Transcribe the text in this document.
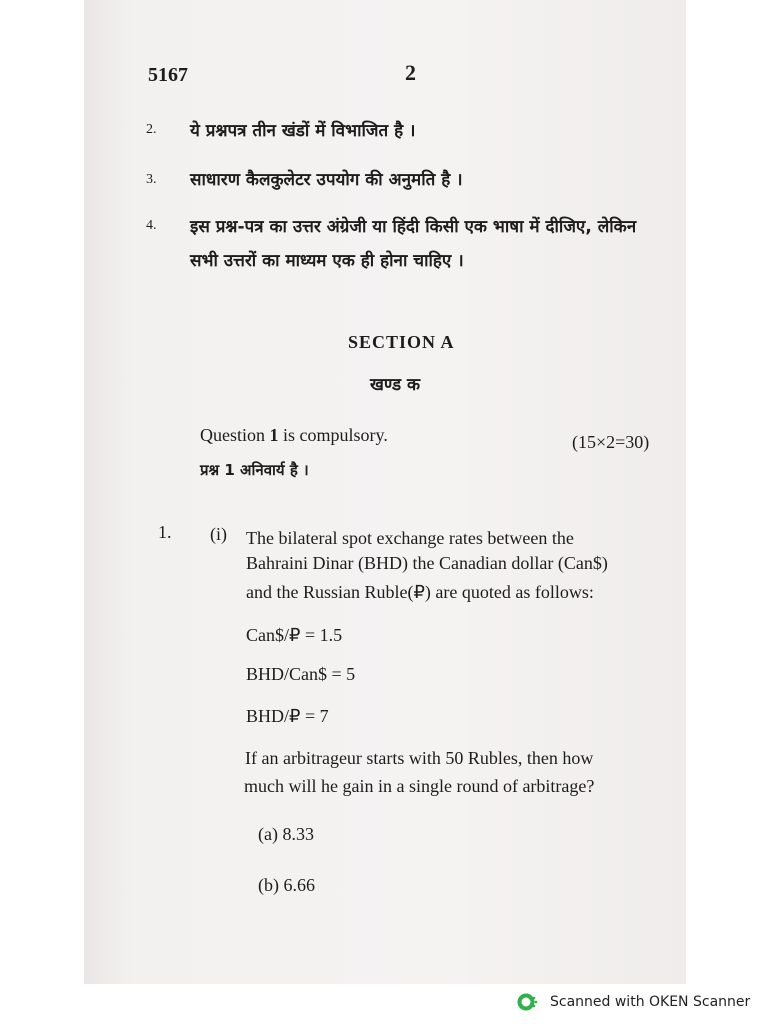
5167	2
2. ये प्रश्नपत्र तीन खंडों में विभाजित है ।
3. साधारण कैलकुलेटर उपयोग की अनुमति है ।
4. इस प्रश्न-पत्र का उत्तर अंग्रेजी या हिंदी किसी एक भाषा में दीजिए, लेकिन
सभी उत्तरों का माध्यम एक ही होना चाहिए ।
SECTION A
खण्ड क
Question 1 is compulsory.	(15×2=30)
प्रश्न 1 अनिवार्य है ।
1. (i) The bilateral spot exchange rates between the
Bahraini Dinar (BHD) the Canadian dollar (Can$)
and the Russian Ruble(₽) are quoted as follows:
Can$/₽ = 1.5
BHD/Can$ = 5
BHD/₽ = 7
If an arbitrageur starts with 50 Rubles, then how
much will he gain in a single round of arbitrage?
(a) 8.33
(b) 6.66
Scanned with OKEN Scanner
